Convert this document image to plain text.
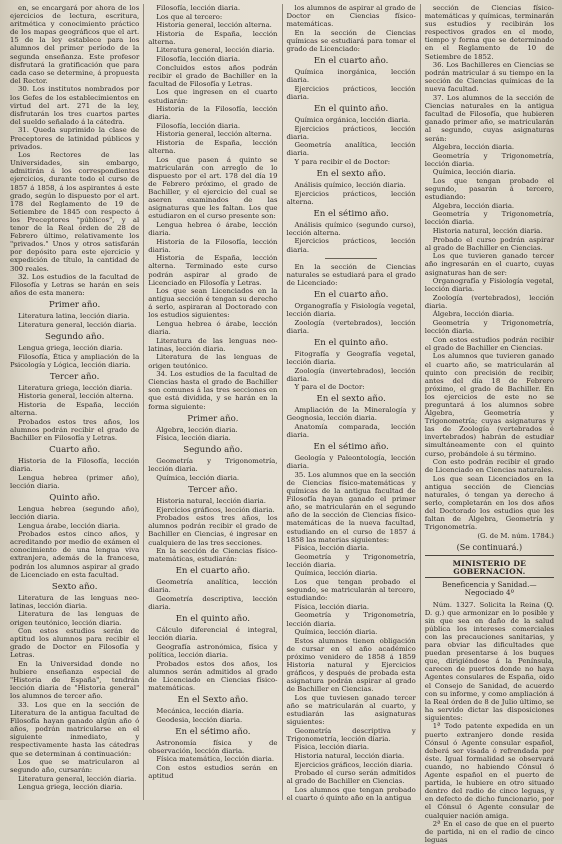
en, se encargará por ahora de los ejercicios de lectura, escritura, aritmética y conocimiento práctico de los mapas geográficos que el art. 15 de la ley establece para los alumnos del primer período de la segunda enseñanza. Este profesor disfrutará la gratificación que para cada caso se determine, á propuesta del Rector.

30. Los institutos nombrados por los Gefes de los establecimientos en virtud del art. 271 de la ley, disfrutarán los tres cuartos partes del sueldo señalado á la cátedra.

31. Queda suprimido la clase de Preceptores de latinidad públicos y privados.

Los Rectores de las Universidades, sin embargo, admitirán á los correspondientes ejercicios, durante todo el curso de 1857 á 1858, á los aspirantes á este grado, según lo dispuesto por el art. 178 del Reglamento de 19 de Setiembre de 1845 con respecto á los Preceptores "públicos", y al tenor de la Real órden de 28 de Febrero último, relativamente los "privados." Unos y otros satisfarán por depósito para este ejercicio y expedición de título, la cantidad de 300 reales.

32. Los estudios de la facultad de Filosofía y Letras se harán en seis años de esta manera:

Primer año.

Literatura latina, lección diaria.

Literatura general, lección diaria.

Segundo año.

Lengua griega, lección diaria.

Filosofía, Ética y ampliación de la Psicología y Lógica, lección diaria.

Tercer año.

Literatura griega, lección diaria.

Historia general, lección alterna.

Historia de España, lección alterna.

Probados estos tres años, los alumnos podrán recibir el grado de Bachiller en Filosofía y Letras.

Cuarto año.

Historia de la Filosofía, lección diaria.

Lengua hebrea (primer año), lección diaria.

Quinto año.

Lengua hebrea (segundo año), lección diaria.

Lengua árabe, lección diaria.

Probados estos cinco años, y acreditando por medio de exámen el conocimiento de una lengua viva extranjera, además de la francesa, podrán los alumnos aspirar al grado de Licenciado en esta facultad.

Sexto año.

Literatura de las lenguas neo-latinas, lección diaria.

Literatura de las lenguas de origen teutónico, lección diaria.

Con estos estudios serán de aptitud los alumnos para recibir el grado de Doctor en Filosofía y Letras.

En la Universidad donde no hubiere enseñanza especial de "Historia de España", tendrán lección diaria de "Historia general" los alumnos de tercer año.

33. Los que en la sección de Literatura de la antigua facultad de Filosofía hayan ganado algún año ó años, podrán matricularse en el siguiente inmediato, y respectivamente hasta las cátedras que se determinan á continuación:

Los que se matricularon al segundo año, cursarán:

Literatura general, lección diaria.

Lengua griega, lección diaria.

Filosofía, lección diaria.

Los que al tercero:

Historia general, lección alterna.

Historia de España, lección alterna.

Literatura general, lección diaria.

Filosofía, lección diaria.

Concluidos estos años podrán recibir el grado de Bachiller en la facultad de Filosofía y Letras.

Los que ingresen en el cuarto estudiarán:

Historia de la Filosofía, lección diaria.

Filosofía, lección diaria.

Historia general, lección alterna.

Historia de España, lección alterna.

Los que pasen á quinto se matricularán con arreglo de lo dispuesto por el art. 178 del día 19 de Febrero próximo, el grado de Bachiller, y el ejercicio del cual se aseren examinados de las asignaturas que les faltan. Los que estudiaron en el curso presente son:

Lengua hebrea ó árabe, lección diaria.

Historia de la Filosofía, lección diaria.

Historia de España, lección alterna. Terminado este curso podrán aspirar al grado de Licenciado en Filosofía y Letras.

Los que sean Licenciados en la antigua sección é tengan su derecho á serlo, aspiraran al Doctorado con los estudios siguientes:

Lengua hebrea ó árabe, lección diaria.

Literatura de las lenguas neo-latinas, lección diaria.

Literatura de las lenguas de origen teutónico.

34. Los estudios de la facultad de Ciencias hasta el grado de Bachiller son comunes á las tres secciones en que está dividida, y se harán en la forma siguiente:

Primer año.

Álgebra, lección diaria.

Física, lección diaria.

Segundo año.

Geometría y Trigonometría, lección diaria.

Química, lección diaria.

Tercer año.

Historia natural, lección diaria.

Ejercicios gráficos, lección diaria.

Probados estos tres años, los alumnos podrán recibir el grado de Bachiller en Ciencias, é ingresar en cualquiera de las tres secciones.

En la sección de Ciencias físico-matemáticas, estudiarán:

En el cuarto año.

Geometría analítica, lección diaria.

Geometría descriptiva, lección diaria.

En el quinto año.

Cálculo diferencial é integral, lección diaria.

Geografía astronómica, física y política, lección diaria.

Probados estos dos años, los alumnos serán admitidos al grado de Licenciado en Ciencias físico-matemáticas.

En el Sexto año.

Mecánica, lección diaria.

Geodesia, lección diaria.

En el sétimo año.

Astronomía física y de observación, lección diaria.

Física matemática, lección diaria.

Con estos estudios serán en aptitud

los alumnos de aspirar al grado de Doctor en Ciencias físico-matemáticas.

En la sección de Ciencias químicas se estudiará para tomar el grado de Licenciado:

En el cuarto año.

Química inorgánica, lección diaria.

Ejercicios prácticos, lección diaria.

En el quinto año.

Química orgánica, lección diaria.

Ejercicios prácticos, lección diaria.

Geometría analítica, lección diaria.

Y para recibir el de Doctor:

En el sexto año.

Análisis químico, lección diaria.

Ejercicios prácticos, lección alterna.

En el sétimo año.

Análisis químico (segundo curso), lección alterna.

Ejercicios prácticos, lección diaria.

En la sección de Ciencias naturales se estudiará para el grado de Licenciado:

En el cuarto año.

Organografía y Fisiología vegetal, lección diaria.

Zoología (vertebrados), lección diaria.

En el quinto año.

Fitografía y Geografía vegetal, lección diaria.

Zoología (invertebrados), lección diaria.

Y para el de Doctor:

En el sexto año.

Ampliación de la Mineralogía y Geognosia, lección diaria.

Anatomía comparada, lección diaria.

En el sétimo año.

Geología y Paleontología, lección diaria.

35. Los alumnos que en la sección de Ciencias físico-matemáticas y químicas de la antigua facultad de Filosofía hayan ganado el primer año, se matricularán en el segundo año de la sección de Ciencias físico-matemáticas de la nueva facultad, estudiando en el curso de 1857 á 1858 las materias siguientes:

Física, lección diaria.

Geometría y Trigonometría, lección diaria.

Química, lección diaria.

Los que tengan probado el segundo, se matricularán al tercero, estudiando:

Física, lección diaria.

Geometría y Trigonometría, lección diaria.

Química, lección diaria.

Estos alumnos tienen obligación de cursar en el año académico próximo venidero de 1858 á 1859 Historia natural y Ejercicios gráficos, y después de probada esta asignatura podrán aspirar al grado de Bachiller en Ciencias.

Los que tuviesen ganado tercer año se matricularán al cuarto, y estudiarán las asignaturas siguientes:

Geometría descriptiva y Trigonometría, lección diaria.

Física, lección diaria.

Historia natural, lección diaria.

Ejercicios gráficos, lección diaria.

Probado el curso serán admitidos al grado de Bachiller en Ciencias.

Los alumnos que tengan probado el cuarto ó quinto año en la antigua

sección de Ciencias físico-matemáticas y químicas, terminarán sus estudios y recibirán los respectivos grados en el modo, tiempo y forma que se determinado en el Reglamento de 10 de Setiembre de 1852.

36. Los Bachilleres en Ciencias se podrán matricular á su tiempo en la sección de Ciencias químicas de la nueva facultad.

37. Los alumnos de la sección de Ciencias naturales en la antigua facultad de Filosofía, que hubieren ganado primer año, se matricularán al segundo, cuyas asignaturas serán:

Álgebra, lección diaria.

Geometría y Trigonometría, lección diaria.

Química, lección diaria.

Los que tengan probado el segundo, pasarán á tercero, estudiando:

Álgebra, lección diaria.

Geometría y Trigonometría, lección diaria.

Historia natural, lección diaria.

Probado el curso podrán aspirar al grado de Bachiller en Ciencias.

Los que tuvieren ganado tercer año ingresarán en el cuarto, cuyas asignaturas han de ser:

Organografía y Fisiología vegetal, lección diaria.

Zoología (vertebrados), lección diaria.

Álgebra, lección diaria.

Geometría y Trigonometría, lección diaria.

Con estos estudios podrán recibir el grado de Bachiller en Ciencias.

Los alumnos que tuvieren ganado el cuarto año, se matricularán al quinto con precisión de recibir, antes del día 18 de Febrero próximo, el grado de Bachiller. En los ejercicios de este no se preguntará á los alumnos sobre Álgebra, Geometría y Trigonometría; cuyas asignaturas y las de Zoología (vertebrados é invertebrados) habrán de estudiar simultáneamente con el quinto curso, probándole á su término.

Con esto podrán recibir el grado de Licenciado en Ciencias naturales.

Los que sean Licenciados en la antigua sección de Ciencias naturales, ó tengan ya derecho á serlo, completarán en los dos años del Doctorado los estudios que les faltan de Álgebra, Geometría y Trigonometría.

(G. de M. núm. 1784.)

(Se continuará.)

MINISTERIO DE GOBERNACION.

Beneficencia y Sanidad.—Negociado 4º

Núm. 1327. Solicita la Reina (Q. D. g.) que armonizar en lo posible y sin que sea en daño de la salud pública los intereses comerciales con las precauciones sanitarias, y para obviar las dificultades que puedan presentarse á los buques que, dirigiéndose á la Península, carecen de puertos donde no haya Agentes consulares de España, oido el Consejo de Sanidad, de acuerdo con su informe, y como ampliación á la Real órden de 8 de Julio último, se ha servido dictar las disposiciones siguientes:

1ª Todo patente expedida en un puerto extranjero donde resida Cónsul ó Agente consular español, deberá ser visada ó refrendada por éste. Igual formalidad se observará cuando, no habiendo Cónsul ó Agente español en el puerto de partida, le hubiere en otro situado dentro del radio de cinco leguas, y en defecto de dicho funcionario, por el Cónsul ó Agente consular de cualquier nación amiga.

2ª En el caso de que en el puerto de partida, ni en el radio de cinco leguas
